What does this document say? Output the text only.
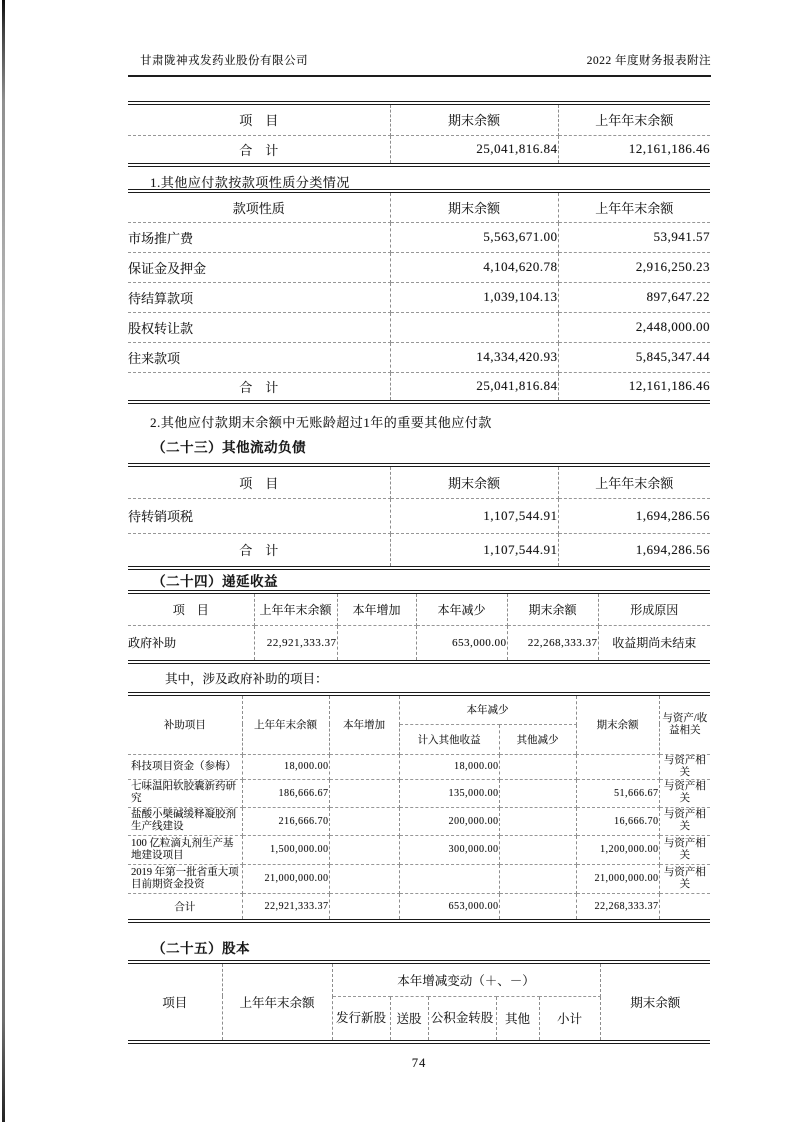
甘肃陇神戎发药业股份有限公司	2022 年度财务报表附注
项　目	期末余额	上年年末余额
合　计	25,041,816.84	12,161,186.46
1.其他应付款按款项性质分类情况
款项性质	期末余额	上年年末余额
市场推广费	5,563,671.00	53,941.57
保证金及押金	4,104,620.78	2,916,250.23
待结算款项	1,039,104.13	897,647.22
股权转让款		2,448,000.00
往来款项	14,334,420.93	5,845,347.44
合　计	25,041,816.84	12,161,186.46
2.其他应付款期末余额中无账龄超过1年的重要其他应付款
（二十三）其他流动负债
项　目	期末余额	上年年末余额
待转销项税	1,107,544.91	1,694,286.56
合　计	1,107,544.91	1,694,286.56
（二十四）递延收益
项　目	上年年末余额	本年增加	本年减少	期末余额	形成原因
政府补助	22,921,333.37		653,000.00	22,268,333.37	收益期尚未结束
其中，涉及政府补助的项目：
补助项目	上年年末余额	本年增加	本年减少		期末余额	与资产/收益相关
			计入其他收益	其他减少		
科技项目资金（参梅）	18,000.00		18,000.00			与资产相关
七味温阳软胶囊新药研究	186,666.67		135,000.00		51,666.67	与资产相关
盐酸小檗碱缓释凝胶剂生产线建设	216,666.70		200,000.00		16,666.70	与资产相关
100 亿粒滴丸剂生产基地建设项目	1,500,000.00		300,000.00		1,200,000.00	与资产相关
2019 年第一批省重大项目前期资金投资	21,000,000.00				21,000,000.00	与资产相关
合计	22,921,333.37		653,000.00		22,268,333.37	
（二十五）股本
项目	上年年末余额	本年增减变动（＋、－）					期末余额
		发行新股	送股	公积金转股	其他	小计	
74
